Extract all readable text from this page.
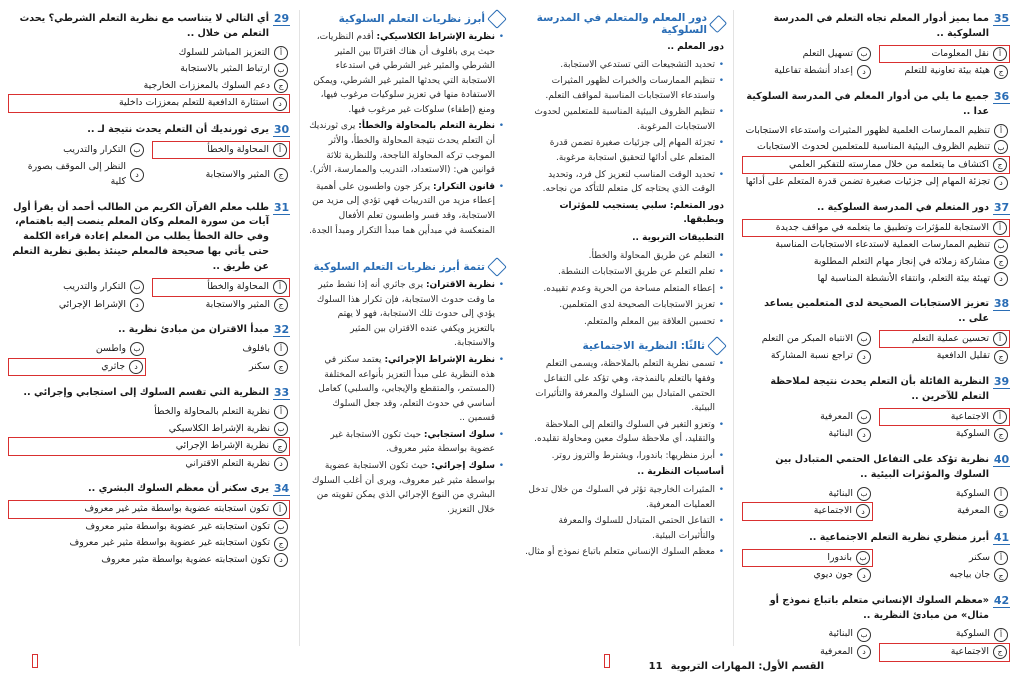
35
مما يميز أدوار المعلم تجاه التعلم في المدرسة السلوكية ..
أ
نقل المعلومات
ب
تسهيل التعلم
ج
هيئة بيئة تعاونية للتعلم
د
إعداد أنشطة تفاعلية
36
جميع ما يلي من أدوار المعلم في المدرسة السلوكية عدا ..
أ
تنظيم الممارسات العلمية لظهور المثيرات واستدعاء الاستجابات
ب
تنظيم الظروف البيئية المناسبة للمتعلمين لحدوث الاستجابات
ج
اكتشاف ما يتعلمه من خلال ممارسته للتفكير العلمي
د
تجزئة المهام إلى جزئيات صغيرة تضمن قدرة المتعلم على أدائها
37
دور المتعلم في المدرسة السلوكية ..
أ
الاستجابة للمؤثرات وتطبيق ما يتعلمه في مواقف جديدة
ب
تنظيم الممارسات العملية لاستدعاء الاستجابات المناسبة
ج
مشاركة زملائه في إنجاز مهام التعلم المطلوبة
د
تهيئة بيئة التعلم، وانتقاء الأنشطة المناسبة لها
38
تعزيز الاستجابات الصحيحة لدى المتعلمين يساعد على ..
أ
تحسين عملية التعلم
ب
الانتباه المبكر من التعلم
ج
تقليل الدافعية
د
تراجع نسبة المشاركة
39
النظرية القائلة بأن التعلم يحدث نتيجة لملاحظة التعلم للآخرين ..
أ
الاجتماعية
ب
المعرفية
ج
السلوكية
د
البنائية
40
نظرية تؤكد على التفاعل الحتمي المتبادل بين السلوك والمؤثرات البيئية ..
أ
السلوكية
ب
البنائية
ج
المعرفية
د
الاجتماعية
41
أبرز منظري نظرية التعلم الاجتماعية ..
أ
سكنر
ب
باندورا
ج
جان بياجيه
د
جون ديوي
42
«معظم السلوك الإنساني متعلم باتباع نموذج أو مثال» من مبادئ النظرية ..
أ
السلوكية
ب
البنائية
ج
الاجتماعية
د
المعرفية
دور المعلم والمتعلم في المدرسة السلوكية
دور المعلم ..
• تحديد التشجيعات التي تستدعي الاستجابة.
• تنظيم الممارسات والخبرات لظهور المثيرات واستدعاء الاستجابات المناسبة لمواقف التعلم.
• تنظيم الظروف البيئية المناسبة للمتعلمين لحدوث الاستجابات المرغوبة.
• تجزئة المهام إلى جزئيات صغيرة تضمن قدرة المتعلم على أدائها لتحقيق استجابة مرغوبة.
• تحديد الوقت المناسب لتعزيز كل فرد، وتحديد الوقت الذي يحتاجه كل متعلم للتأكد من نجاحه.
دور المتعلم: سلبي يستجيب للمؤثرات ويطبقها.
التطبيقات التربوية ..
• التعلم عن طريق المحاولة والخطأ.
• تعلم التعلم عن طريق الاستجابات النشطة.
• إعطاء المتعلم مساحة من الحرية وعدم تقييده.
• تعزيز الاستجابات الصحيحة لدى المتعلمين.
• تحسين العلاقة بين المعلم والمتعلم.
ثالثًا: النظرية الاجتماعية
• تسمى نظرية التعلم بالملاحظة، ويسمى التعلم وفقها بالتعلم بالنمذجة، وهي تؤكد على التفاعل الحتمي المتبادل بين السلوك والمعرفة والتأثيرات البيئية.
• وتعزو التغير في السلوك والتعلم إلى الملاحظة والتقليد، أي ملاحظة سلوك معين ومحاولة تقليده.
• أبرز منظريها: باندورا، ويشترط والتروز روتر.
أساسيات النظرية ..
• المثيرات الخارجية تؤثر في السلوك من خلال تدخل العمليات المعرفية.
• التفاعل الحتمي المتبادل للسلوك والمعرفة والتأثيرات البيئية.
• معظم السلوك الإنساني متعلم باتباع نموذج أو مثال.
القسم الأول: المهارات التربوية
11
أبرز نظريات التعلم السلوكية
• نظرية الإشراط الكلاسيكي: أقدم النظريات، حيث يرى بافلوف أن هناك اقترانًا بين المثير الشرطي والمثير غير الشرطي في استدعاء الاستجابة التي يحدثها المثير غير الشرطي، ويمكن الاستفادة منها في تعزيز سلوكيات مرغوب فيها، ومنع (إطفاء) سلوكات غير مرغوب فيها.
• نظرية التعلم بالمحاولة والخطأ: يرى ثورنديك أن التعلم يحدث نتيجة المحاولة والخطأ، والأثر الموجب تركه المحاولة الناجحة، وللنظرية ثلاثة قوانين هي: (الاستعداد، التدريب والممارسة، الأثر).
• قانون التكرار: يركز جون واطسون على أهمية إعطاء مزيد من التدريبات فهي تؤدي إلى مزيد من الاستجابة، وقد فسر واطسون تعلم الأفعال المنعكسة في مبدأين هما مبدأ التكرار ومبدأ الجدة.
تتمة أبرز نظريات التعلم السلوكية
• نظرية الاقتران: يرى جاثري أنه إذا نشط مثير ما وقت حدوث الاستجابة، فإن تكرار هذا السلوك يؤدي إلى حدوث تلك الاستجابة، فهو لا يهتم بالتعزيز ويكفي عنده الاقتران بين المثير والاستجابة.
• نظرية الإشراط الإجرائي: يعتمد سكنر في هذه النظرية على مبدأ التعزيز بأنواعه المختلفة (المستمر، والمتقطع والإيجابي، والسلبي) كعامل أساسي في حدوث التعلم، وقد جعل السلوك قسمين ..
• سلوك استجابي: حيث تكون الاستجابة غير عضوية بواسطة مثير معروف.
• سلوك إجرائي: حيث تكون الاستجابة عضوية بواسطة مثير غير معروف، ويرى أن أغلب السلوك البشري من النوع الإجرائي الذي يمكن تقويته من خلال التعزيز.
29
أي التالي لا يتناسب مع نظرية التعلم الشرطي؟ يحدث التعلم من خلال ..
أ
التعزيز المباشر للسلوك
ب
ارتباط المثير بالاستجابة
ج
دعم السلوك بالمعززات الخارجية
د
استثارة الدافعية للتعلم بمعززات داخلية
30
يرى ثورنديك أن التعلم يحدث نتيجة لـ ..
أ
المحاولة والخطأ
ب
التكرار والتدريب
ج
المثير والاستجابة
د
النظر إلى الموقف بصورة كلية
31
طلب معلم القرآن الكريم من الطالب أحمد أن يقرأ أول آيات من سورة المعلم وكان المعلم ينصت إليه باهتمام، وفي حالة الخطأ يطلب من المعلم إعادة قراءة الكلمة حتى يأتي بها صحيحة فالمعلم حينئذ يطبق نظرية التعلم عن طريق ..
أ
المحاولة والخطأ
ب
التكرار والتدريب
ج
المثير والاستجابة
د
الإشراط الإجرائي
32
مبدأ الاقتران من مبادئ نظرية ..
أ
بافلوف
ب
واطسن
ج
سكنر
د
جاثري
33
النظرية التي تقسم السلوك إلى استجابي وإجرائي ..
أ
نظرية التعلم بالمحاولة والخطأ
ب
نظرية الإشراط الكلاسيكي
ج
نظرية الإشراط الإجرائي
د
نظرية التعلم الاقتراني
34
يرى سكنر أن معظم السلوك البشري ..
أ
تكون استجابته عضوية بواسطة مثير غير معروف
ب
تكون استجابته غير عضوية بواسطة مثير معروف
ج
تكون استجابته غير عضوية بواسطة مثير غير معروف
د
تكون استجابته عضوية بواسطة مثير معروف
